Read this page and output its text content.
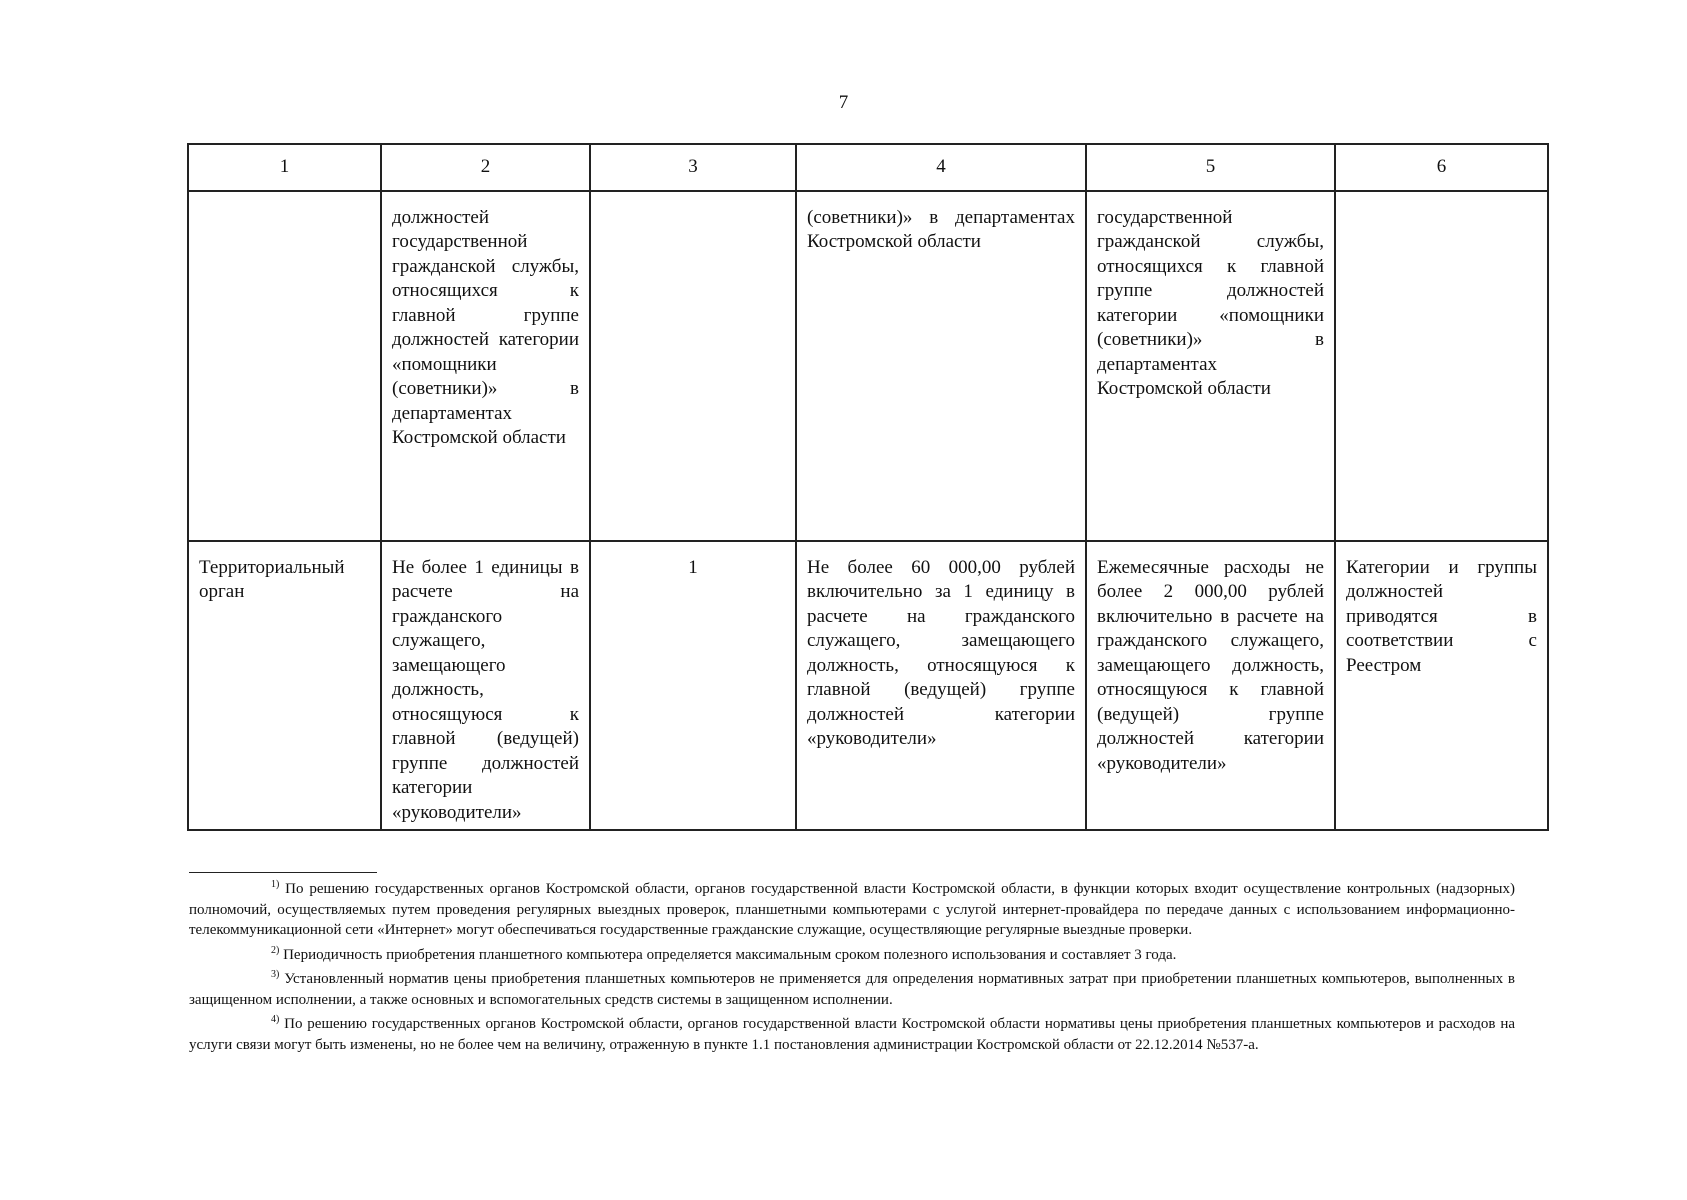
7
1	2	3	4	5	6
	должностей государственной гражданской службы, относящихся к главной группе должностей категории «помощники (советники)» в департаментах Костромской области		(советники)» в департаментах Костромской области	государственной гражданской службы, относящихся к главной группе должностей категории «помощники (советники)» в департаментах Костромской области	
Территориальный орган	Не более 1 единицы в расчете на гражданского служащего, замещающего должность, относящуюся к главной (ведущей) группе должностей категории «руководители»	1	Не более 60 000,00 рублей включительно за 1 единицу в расчете на гражданского служащего, замещающего должность, относящуюся к главной (ведущей) группе должностей категории «руководители»	Ежемесячные расходы не более 2 000,00 рублей включительно в расчете на гражданского служащего, замещающего должность, относящуюся к главной (ведущей) группе должностей категории «руководители»	Категории и группы должностей приводятся в соответствии с Реестром

$^{1)}$ По решению государственных органов Костромской области, органов государственной власти Костромской области, в функции которых входит осуществление контрольных (надзорных) полномочий, осуществляемых путем проведения регулярных выездных проверок, планшетными компьютерами с услугой интернет-провайдера по передаче данных с использованием информационно-телекоммуникационной сети «Интернет» могут обеспечиваться государственные гражданские служащие, осуществляющие регулярные выездные проверки.

$^{2)}$ Периодичность приобретения планшетного компьютера определяется максимальным сроком полезного использования и составляет 3 года.

$^{3)}$ Установленный норматив цены приобретения планшетных компьютеров не применяется для определения нормативных затрат при приобретении планшетных компьютеров, выполненных в защищенном исполнении, а также основных и вспомогательных средств системы в защищенном исполнении.

$^{4)}$ По решению государственных органов Костромской области, органов государственной власти Костромской области нормативы цены приобретения планшетных компьютеров и расходов на услуги связи могут быть изменены, но не более чем на величину, отраженную в пункте 1.1 постановления администрации Костромской области от 22.12.2014 №537-а.
